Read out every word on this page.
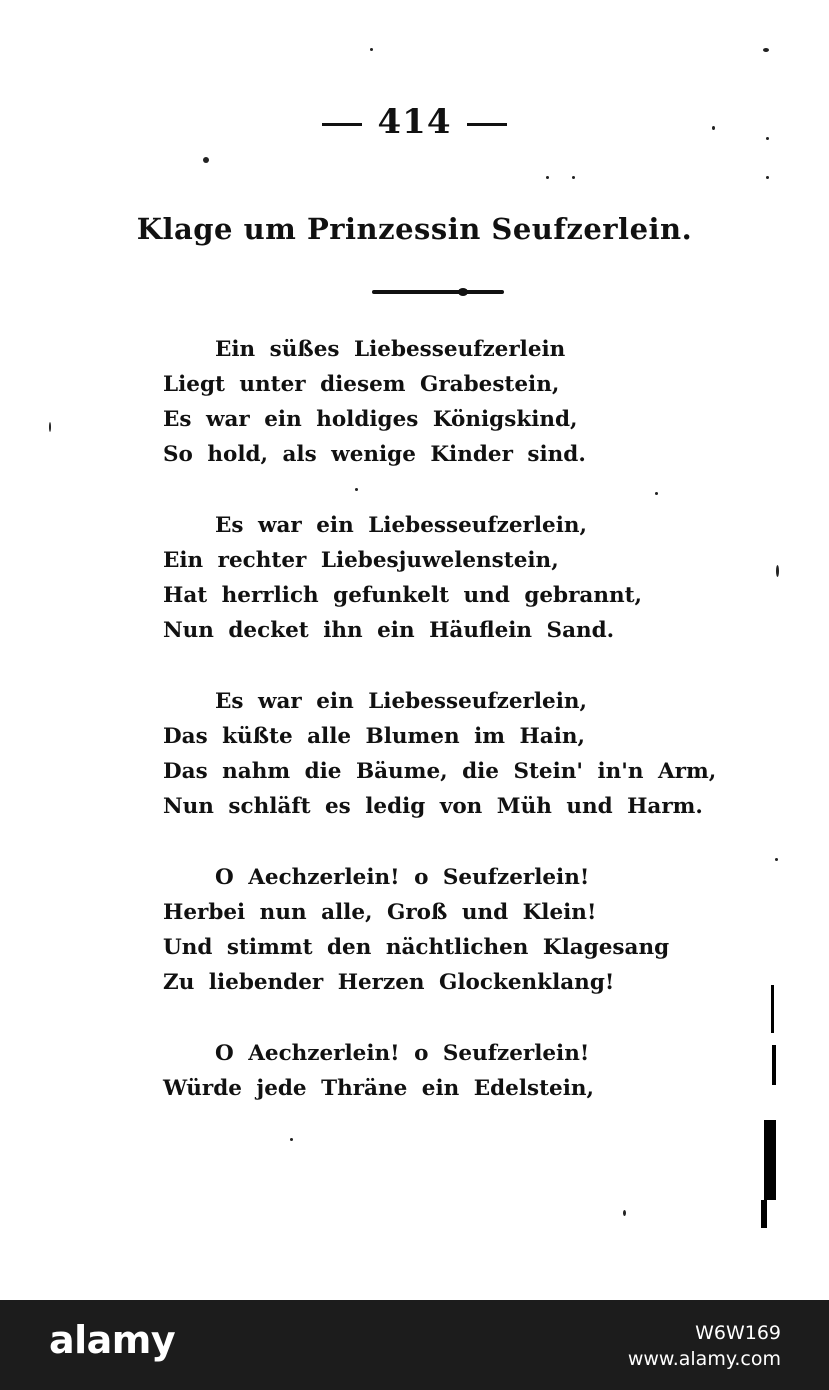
414
Klage um Prinzessin Seufzerlein.
Ein süßes Liebesseufzerlein
Liegt unter diesem Grabestein,
Es war ein holdiges Königskind,
So hold, als wenige Kinder sind.
Es war ein Liebesseufzerlein,
Ein rechter Liebesjuwelenstein,
Hat herrlich gefunkelt und gebrannt,
Nun decket ihn ein Häuflein Sand.
Es war ein Liebesseufzerlein,
Das küßte alle Blumen im Hain,
Das nahm die Bäume, die Stein' in'n Arm,
Nun schläft es ledig von Müh und Harm.
O Aechzerlein! o Seufzerlein!
Herbei nun alle, Groß und Klein!
Und stimmt den nächtlichen Klagesang
Zu liebender Herzen Glockenklang!
O Aechzerlein! o Seufzerlein!
Würde jede Thräne ein Edelstein,
alamy	W6W169
www.alamy.com
